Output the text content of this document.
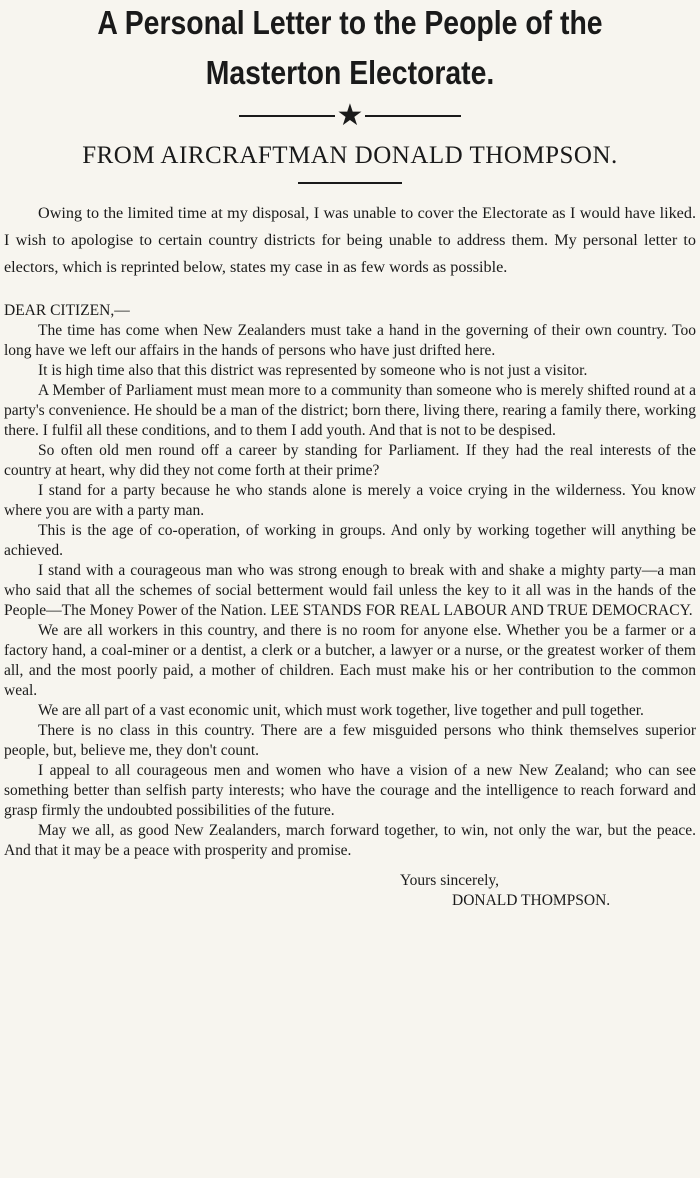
A Personal Letter to the People of the
Masterton Electorate.
★
FROM AIRCRAFTMAN DONALD THOMPSON.

Owing to the limited time at my disposal, I was unable to cover the Electorate as I would have liked. I wish to apologise to certain country districts for being unable to address them. My personal letter to electors, which is reprinted below, states my case in as few words as possible.

DEAR CITIZEN,—

The time has come when New Zealanders must take a hand in the governing of their own country. Too long have we left our affairs in the hands of persons who have just drifted here.

It is high time also that this district was represented by someone who is not just a visitor.

A Member of Parliament must mean more to a community than someone who is merely shifted round at a party's convenience. He should be a man of the district; born there, living there, rearing a family there, working there. I fulfil all these conditions, and to them I add youth. And that is not to be despised.

So often old men round off a career by standing for Parliament. If they had the real interests of the country at heart, why did they not come forth at their prime?

I stand for a party because he who stands alone is merely a voice crying in the wilderness. You know where you are with a party man.

This is the age of co-operation, of working in groups. And only by working together will anything be achieved.

I stand with a courageous man who was strong enough to break with and shake a mighty party—a man who said that all the schemes of social betterment would fail unless the key to it all was in the hands of the People—The Money Power of the Nation. LEE STANDS FOR REAL LABOUR AND TRUE DEMOCRACY.

We are all workers in this country, and there is no room for anyone else. Whether you be a farmer or a factory hand, a coal-miner or a dentist, a clerk or a butcher, a lawyer or a nurse, or the greatest worker of them all, and the most poorly paid, a mother of children. Each must make his or her contribution to the common weal.

We are all part of a vast economic unit, which must work together, live together and pull together.

There is no class in this country. There are a few misguided persons who think themselves superior people, but, believe me, they don't count.

I appeal to all courageous men and women who have a vision of a new New Zealand; who can see something better than selfish party interests; who have the courage and the intelligence to reach forward and grasp firmly the undoubted possibilities of the future.

May we all, as good New Zealanders, march forward together, to win, not only the war, but the peace. And that it may be a peace with prosperity and promise.

Yours sincerely,
DONALD THOMPSON.
